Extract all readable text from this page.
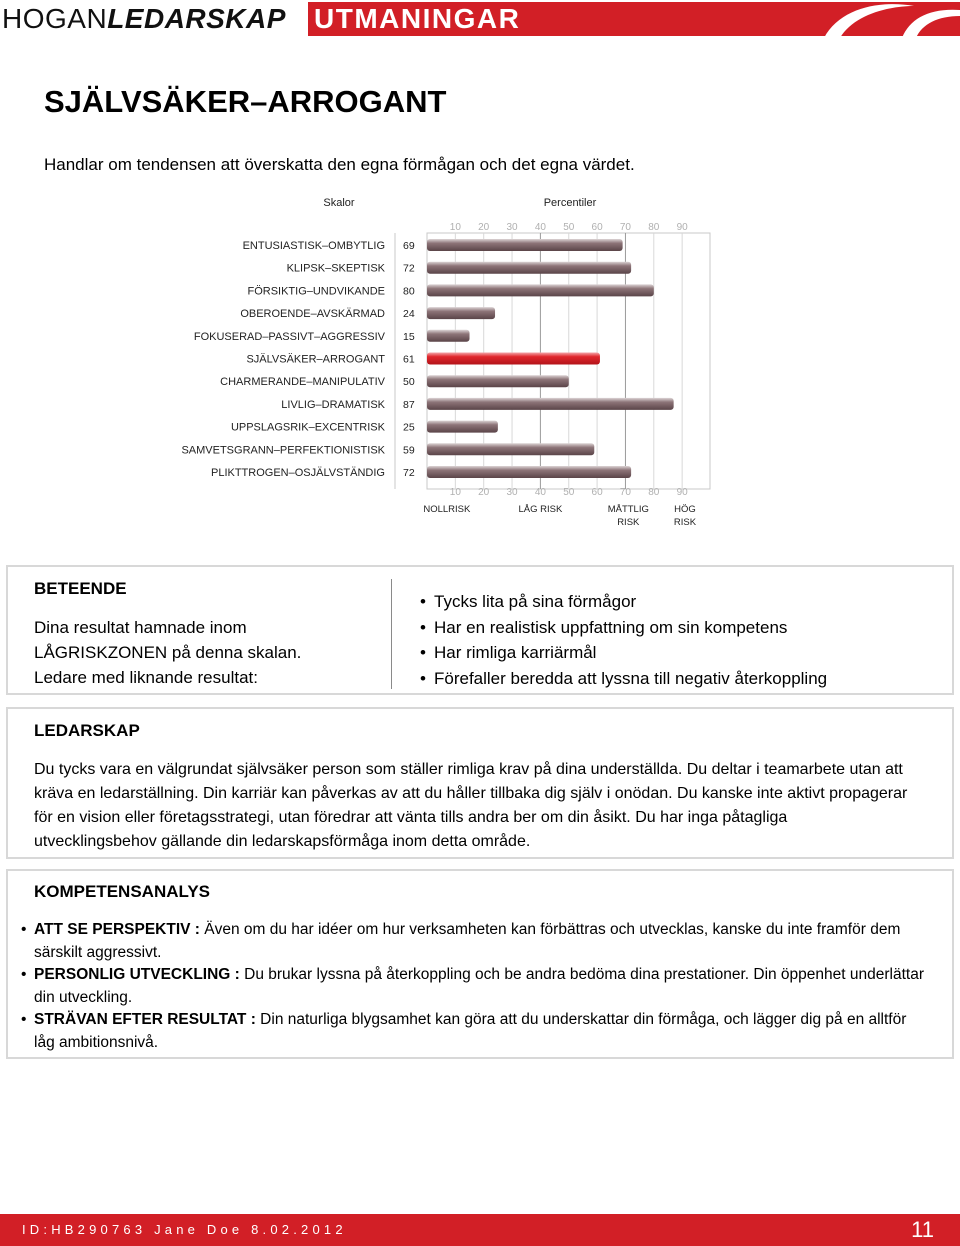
HOGANLEDARSKAP UTMANINGAR
SJÄLVSÄKER–ARROGANT
Handlar om tendensen att överskatta den egna förmågan och det egna värdet.
Skalor	Percentiler
10
10
20
20
30
30
40
40
50
50
60
60
70
70
80
80
90
90
ENTUSIASTISK–OMBYTLIG 69
KLIPSK–SKEPTISK 72
FÖRSIKTIG–UNDVIKANDE 80
OBEROENDE–AVSKÄRMAD 24
FOKUSERAD–PASSIVT–AGGRESSIV 15
SJÄLVSÄKER–ARROGANT 61
CHARMERANDE–MANIPULATIV 50
LIVLIG–DRAMATISK 87
UPPSLAGSRIK–EXCENTRISK 25
SAMVETSGRANN–PERFEKTIONISTISK 59
PLIKTTROGEN–OSJÄLVSTÄNDIG 72
NOLLRISK	LÅG RISK	MÅTTLIG
RISK
HÖG
RISK
BETEENDE
Dina resultat hamnade inom
LÅGRISKZONEN på denna skalan.
Ledare med liknande resultat:
• Tycks lita på sina förmågor
• Har en realistisk uppfattning om sin kompetens
• Har rimliga karriärmål
• Förefaller beredda att lyssna till negativ återkoppling
LEDARSKAP
Du tycks vara en välgrundat självsäker person som ställer rimliga krav på dina underställda. Du deltar i teamarbete utan att kräva en ledarställning. Din karriär kan påverkas av att du håller tillbaka dig själv i onödan. Du kanske inte aktivt propagerar för en vision eller företagsstrategi, utan föredrar att vänta tills andra ber om din åsikt. Du har inga påtagliga utvecklingsbehov gällande din ledarskapsförmåga inom detta område.
KOMPETENSANALYS
• ATT SE PERSPEKTIV : Även om du har idéer om hur verksamheten kan förbättras och utvecklas, kanske du inte framför dem särskilt aggressivt.
• PERSONLIG UTVECKLING : Du brukar lyssna på återkoppling och be andra bedöma dina prestationer. Din öppenhet underlättar din utveckling.
• STRÄVAN EFTER RESULTAT : Din naturliga blygsamhet kan göra att du underskattar din förmåga, och lägger dig på en alltför låg ambitionsnivå.
ID:HB290763 Jane Doe 8.02.2012	11
